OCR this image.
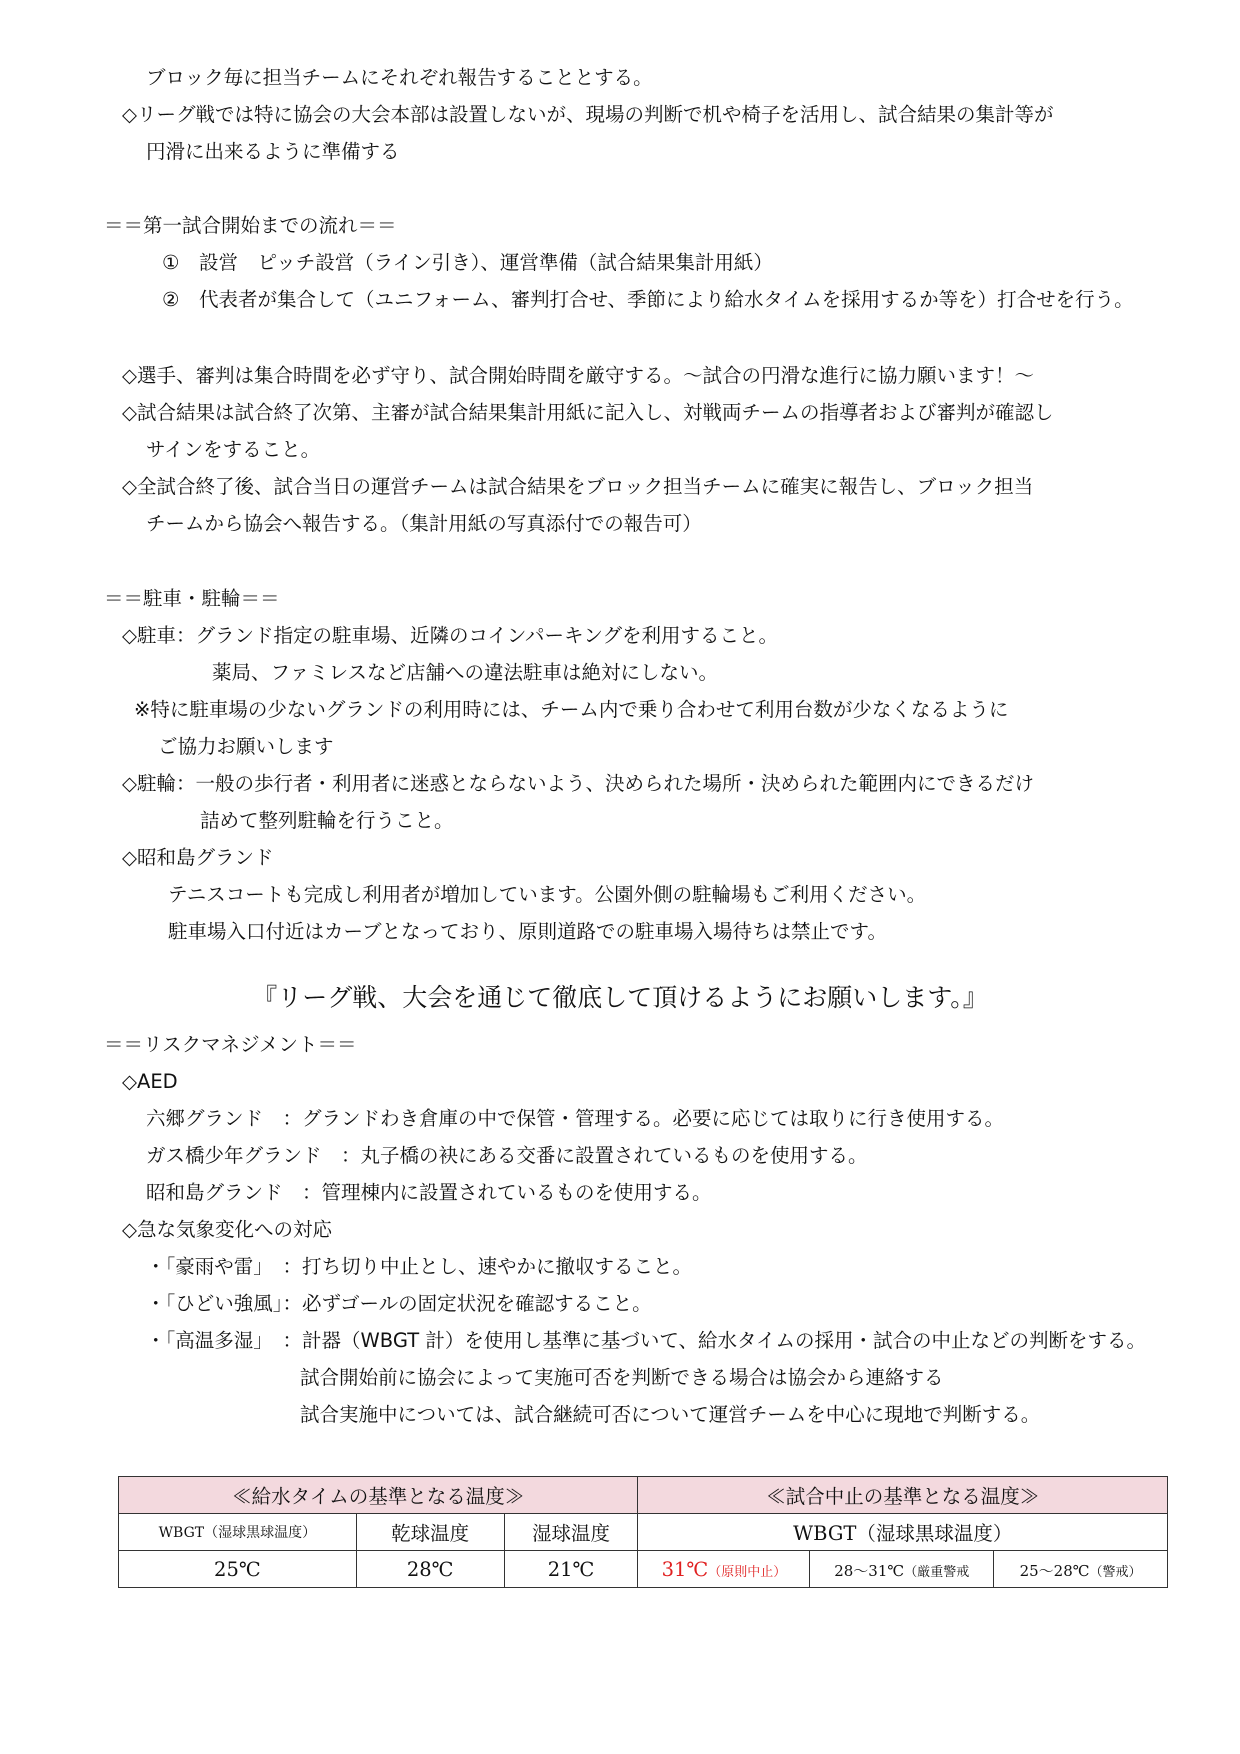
ブロック毎に担当チームにそれぞれ報告することとする。
◇リーグ戦では特に協会の大会本部は設置しないが、現場の判断で机や椅子を活用し、試合結果の集計等が
円滑に出来るように準備する
＝＝第一試合開始までの流れ＝＝
①　設営　ピッチ設営（ライン引き）、運営準備（試合結果集計用紙）
②　代表者が集合して（ユニフォーム、審判打合せ、季節により給水タイムを採用するか等を）打合せを行う。
◇選手、審判は集合時間を必ず守り、試合開始時間を厳守する。～試合の円滑な進行に協力願います！～
◇試合結果は試合終了次第、主審が試合結果集計用紙に記入し、対戦両チームの指導者および審判が確認し
サインをすること。
◇全試合終了後、試合当日の運営チームは試合結果をブロック担当チームに確実に報告し、ブロック担当
チームから協会へ報告する。（集計用紙の写真添付での報告可）
＝＝駐車・駐輪＝＝
◇駐車：グランド指定の駐車場、近隣のコインパーキングを利用すること。
薬局、ファミレスなど店舗への違法駐車は絶対にしない。
※特に駐車場の少ないグランドの利用時には、チーム内で乗り合わせて利用台数が少なくなるように
ご協力お願いします
◇駐輪：一般の歩行者・利用者に迷惑とならないよう、決められた場所・決められた範囲内にできるだけ
詰めて整列駐輪を行うこと。
◇昭和島グランド
テニスコートも完成し利用者が増加しています。公園外側の駐輪場もご利用ください。
駐車場入口付近はカーブとなっており、原則道路での駐車場入場待ちは禁止です。
『リーグ戦、大会を通じて徹底して頂けるようにお願いします。』
＝＝リスクマネジメント＝＝
◇AED
六郷グランド　：グランドわき倉庫の中で保管・管理する。必要に応じては取りに行き使用する。
ガス橋少年グランド　：丸子橋の袂にある交番に設置されているものを使用する。
昭和島グランド　：管理棟内に設置されているものを使用する。
◇急な気象変化への対応
・「豪雨や雷」　：打ち切り中止とし、速やかに撤収すること。
・「ひどい強風」：必ずゴールの固定状況を確認すること。
・「高温多湿」　：計器（WBGT 計）を使用し基準に基づいて、給水タイムの採用・試合の中止などの判断をする。
試合開始前に協会によって実施可否を判断できる場合は協会から連絡する
試合実施中については、試合継続可否について運営チームを中心に現地で判断する。
≪給水タイムの基準となる温度≫			≪試合中止の基準となる温度≫		
WBGT（湿球黒球温度）	乾球温度	湿球温度	WBGT（湿球黒球温度）		
25℃	28℃	21℃	31℃（原則中止）	28～31℃（厳重警戒	25～28℃（警戒）
